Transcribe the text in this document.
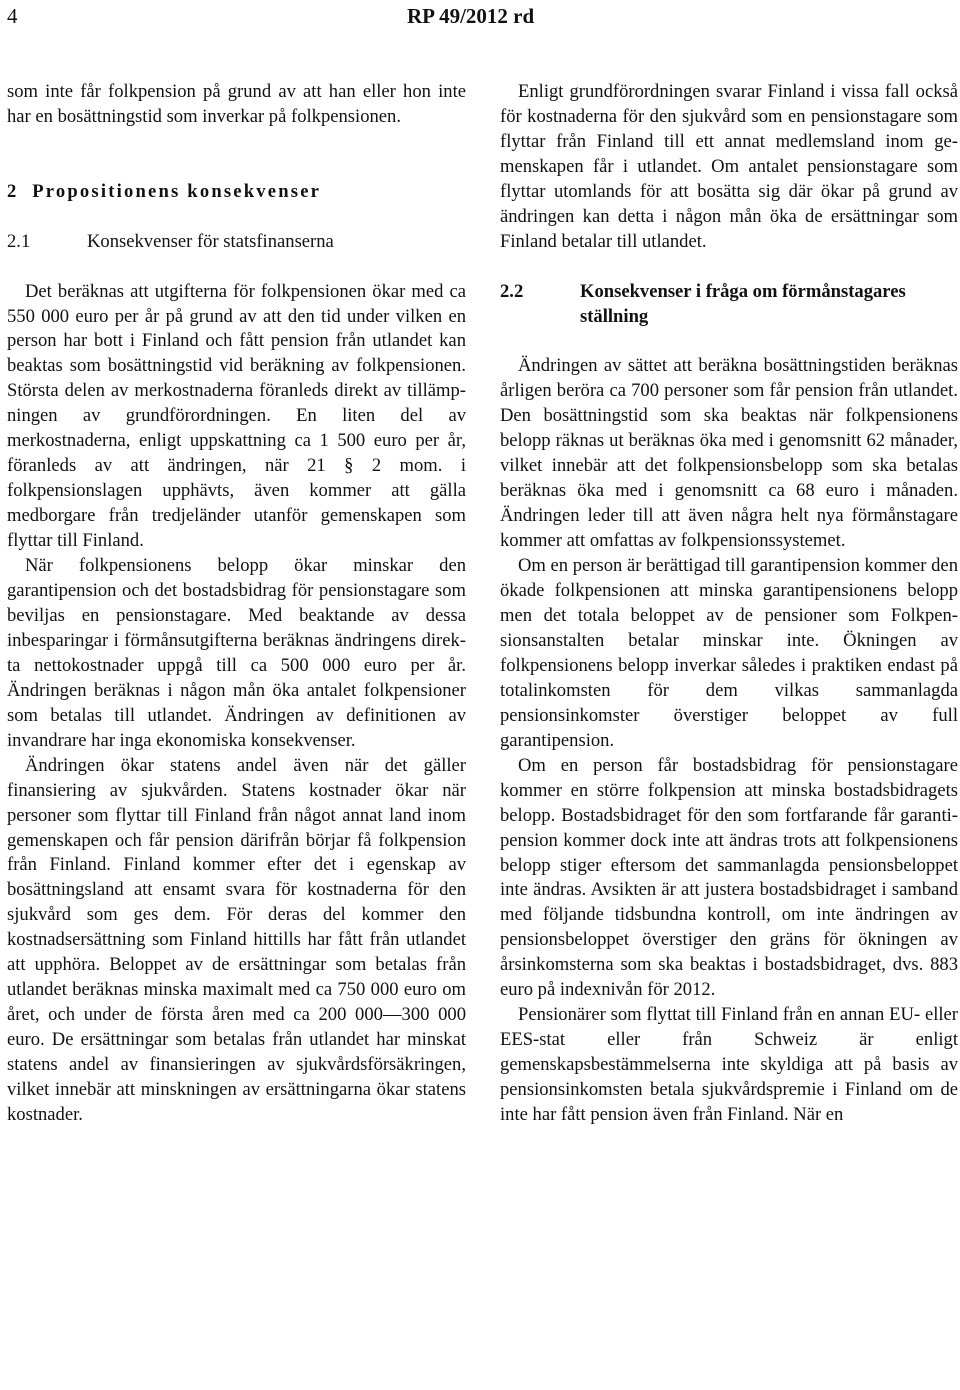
4	RP 49/2012 rd

som inte får folkpension på grund av att han eller hon inte har en bosättningstid som inverkar på folkpensionen.

2 Propositionens konsekvenser
2.1	Konsekvenser för statsfinanserna

Det beräknas att utgifterna för folkpensionen ökar med ca 550 000 euro per år på grund av att den tid under vilken en person har bott i Finland och fått pension från utlandet kan beaktas som bosättningstid vid beräkning av folkpensionen. Största delen av merkostnaderna föranleds direkt av tillämpningen av grundförordningen. En liten del av merkostnaderna, enligt uppskattning ca 1 500 euro per år, föranleds av att ändringen, när 21 § 2 mom. i folkpensionslagen upphävts, även kommer att gälla medborgare från tredjeländer utanför gemenskapen som flyttar till Finland.

När folkpensionens belopp ökar minskar den garantipension och det bostadsbidrag för pensionstagare som beviljas en pensionstagare. Med beaktande av dessa inbesparingar i förmånsutgifterna beräknas ändringens direkta nettokostnader uppgå till ca 500 000 euro per år. Ändringen beräknas i någon mån öka antalet folkpensioner som betalas till utlandet. Ändringen av definitionen av invandrare har inga ekonomiska konsekvenser.

Ändringen ökar statens andel även när det gäller finansiering av sjukvården. Statens kostnader ökar när personer som flyttar till Finland från något annat land inom gemenskapen och får pension därifrån börjar få folkpension från Finland. Finland kommer efter det i egenskap av bosättningsland att ensamt svara för kostnaderna för den sjukvård som ges dem. För deras del kommer den kostnadsersättning som Finland hittills har fått från utlandet att upphöra. Beloppet av de ersättningar som betalas från utlandet beräknas minska maximalt med ca 750 000 euro om året, och under de första åren med ca 200 000—300 000 euro. De ersättningar som betalas från utlandet har minskat statens andel av finansieringen av sjukvårdsförsäkringen, vilket innebär att minskningen av ersättningarna ökar statens kostnader.

Enligt grundförordningen svarar Finland i vissa fall också för kostnaderna för den sjukvård som en pensionstagare som flyttar från Finland till ett annat medlemsland inom gemenskapen får i utlandet. Om antalet pensionstagare som flyttar utomlands för att bosätta sig där ökar på grund av ändringen kan detta i någon mån öka de ersättningar som Finland betalar till utlandet.

2.2	Konsekvenser i fråga om förmånstagares ställning

Ändringen av sättet att beräkna bosättningstiden beräknas årligen beröra ca 700 personer som får pension från utlandet. Den bosättningstid som ska beaktas när folkpensionens belopp räknas ut beräknas öka med i genomsnitt 62 månader, vilket innebär att det folkpensionsbelopp som ska betalas beräknas öka med i genomsnitt ca 68 euro i månaden. Ändringen leder till att även några helt nya förmånstagare kommer att omfattas av folkpensionssystemet.

Om en person är berättigad till garantipension kommer den ökade folkpensionen att minska garantipensionens belopp men det totala beloppet av de pensioner som Folkpensionsanstalten betalar minskar inte. Ökningen av folkpensionens belopp inverkar således i praktiken endast på totalinkomsten för dem vilkas sammanlagda pensionsinkomster överstiger beloppet av full garantipension.

Om en person får bostadsbidrag för pensionstagare kommer en större folkpension att minska bostadsbidragets belopp. Bostadsbidraget för den som fortfarande får garantipension kommer dock inte att ändras trots att folkpensionens belopp stiger eftersom det sammanlagda pensionsbeloppet inte ändras. Avsikten är att justera bostadsbidraget i samband med följande tidsbundna kontroll, om inte ändringen av pensionsbeloppet överstiger den gräns för ökningen av årsinkomsterna som ska beaktas i bostadsbidraget, dvs. 883 euro på indexnivån för 2012.

Pensionärer som flyttat till Finland från en annan EU- eller EES-stat eller från Schweiz är enligt gemenskapsbestämmelserna inte skyldiga att på basis av pensionsinkomsten betala sjukvårdspremie i Finland om de inte har fått pension även från Finland. När en
